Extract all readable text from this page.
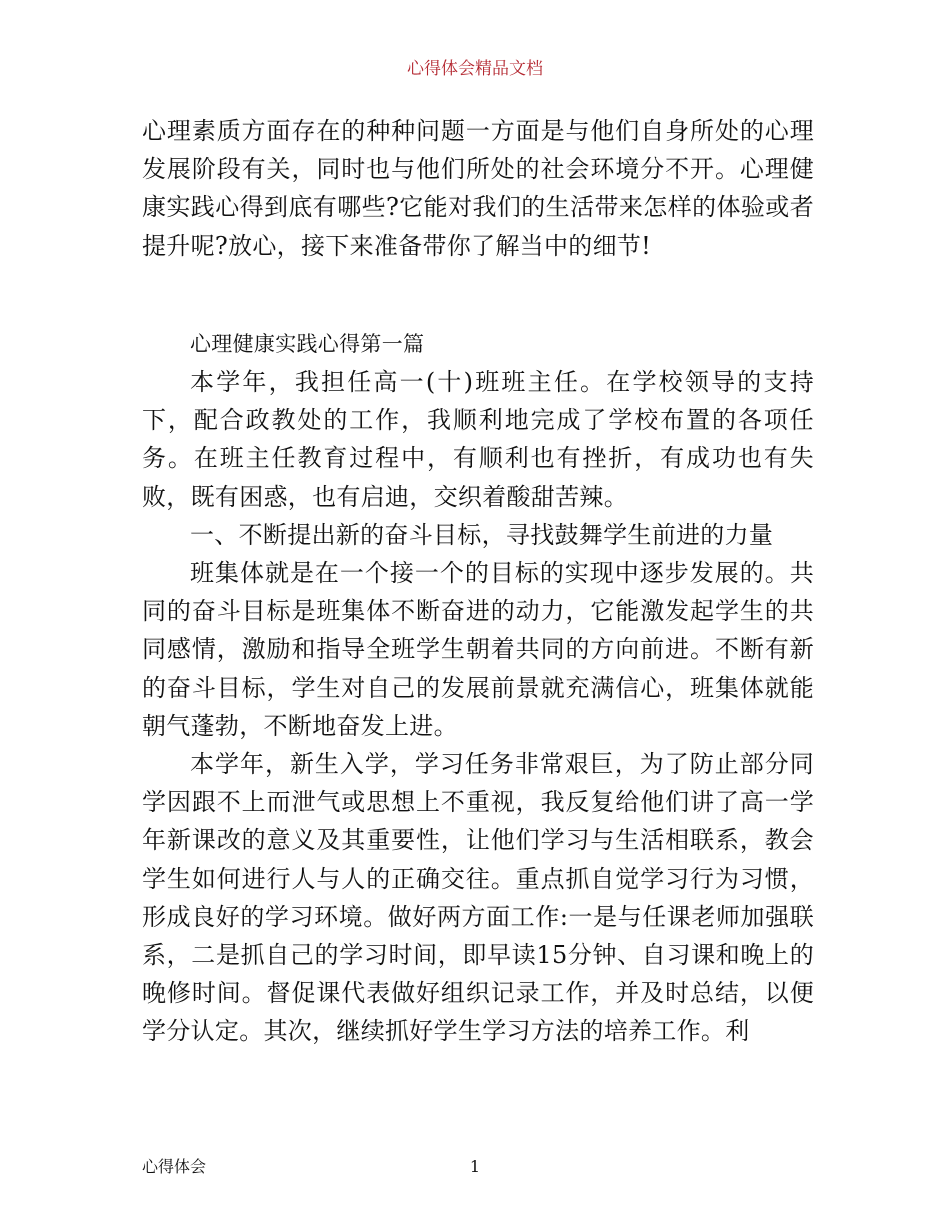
心得体会精品文档

心理素质方面存在的种种问题一方面是与他们自身所处的心理发展阶段有关，同时也与他们所处的社会环境分不开。心理健康实践心得到底有哪些?它能对我们的生活带来怎样的体验或者提升呢?放心，接下来准备带你了解当中的细节!

心理健康实践心得第一篇

本学年，我担任高一(十)班班主任。在学校领导的支持下，配合政教处的工作，我顺利地完成了学校布置的各项任务。在班主任教育过程中，有顺利也有挫折，有成功也有失败，既有困惑，也有启迪，交织着酸甜苦辣。

一、不断提出新的奋斗目标，寻找鼓舞学生前进的力量

班集体就是在一个接一个的目标的实现中逐步发展的。共同的奋斗目标是班集体不断奋进的动力，它能激发起学生的共同感情，激励和指导全班学生朝着共同的方向前进。不断有新的奋斗目标，学生对自己的发展前景就充满信心，班集体就能朝气蓬勃，不断地奋发上进。

本学年，新生入学，学习任务非常艰巨，为了防止部分同学因跟不上而泄气或思想上不重视，我反复给他们讲了高一学年新课改的意义及其重要性，让他们学习与生活相联系，教会学生如何进行人与人的正确交往。重点抓自觉学习行为习惯，形成良好的学习环境。做好两方面工作:一是与任课老师加强联系，二是抓自己的学习时间，即早读15分钟、自习课和晚上的晚修时间。督促课代表做好组织记录工作，并及时总结，以便学分认定。其次，继续抓好学生学习方法的培养工作。利

心得体会	1
